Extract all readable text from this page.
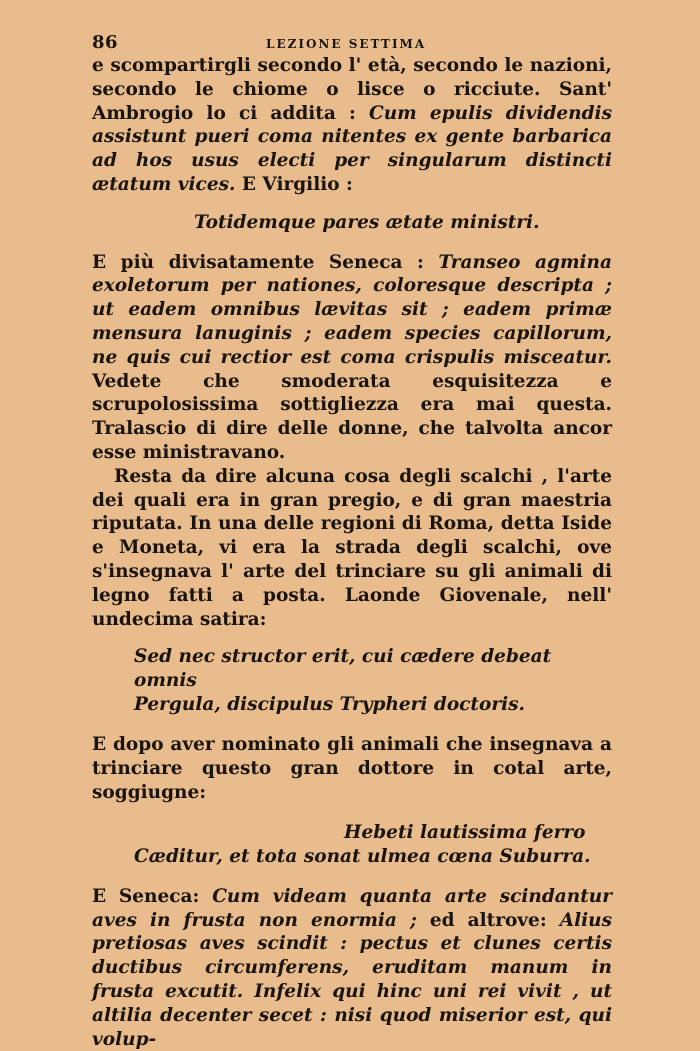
86	LEZIONE SETTIMA

e scompartirgli secondo l' età, secondo le nazioni, secondo le chiome o lisce o ricciute. Sant' Ambrogio lo ci addita : Cum epulis dividendis assistunt pueri coma nitentes ex gente barbarica ad hos usus electi per singularum distincti ætatum vices. E Virgilio :

Totidemque pares ætate ministri.

E più divisatamente Seneca : Transeo agmina exoletorum per nationes, coloresque descripta ; ut eadem omnibus lævitas sit ; eadem primæ mensura lanuginis ; eadem species capillorum, ne quis cui rectior est coma crispulis misceatur. Vedete che smoderata esquisitezza e scrupolosissima sottigliezza era mai questa. Tralascio di dire delle donne, che talvolta ancor esse ministravano.

Resta da dire alcuna cosa degli scalchi , l'arte dei quali era in gran pregio, e di gran maestria riputata. In una delle regioni di Roma, detta Iside e Moneta, vi era la strada degli scalchi, ove s'insegnava l' arte del trinciare su gli animali di legno fatti a posta. Laonde Giovenale, nell' undecima satira:

Sed nec structor erit, cui cædere debeat omnis

Pergula, discipulus Trypheri doctoris.

E dopo aver nominato gli animali che insegnava a trinciare questo gran dottore in cotal arte, soggiugne:

Hebeti lautissima ferro

Cæditur, et tota sonat ulmea cœna Suburra.

E Seneca: Cum videam quanta arte scindantur aves in frusta non enormia ; ed altrove: Alius pretiosas aves scindit : pectus et clunes certis ductibus circumferens, eruditam manum in frusta excutit. Infelix qui hinc uni rei vivit , ut altilia decenter secet : nisi quod miserior est, qui volup-
